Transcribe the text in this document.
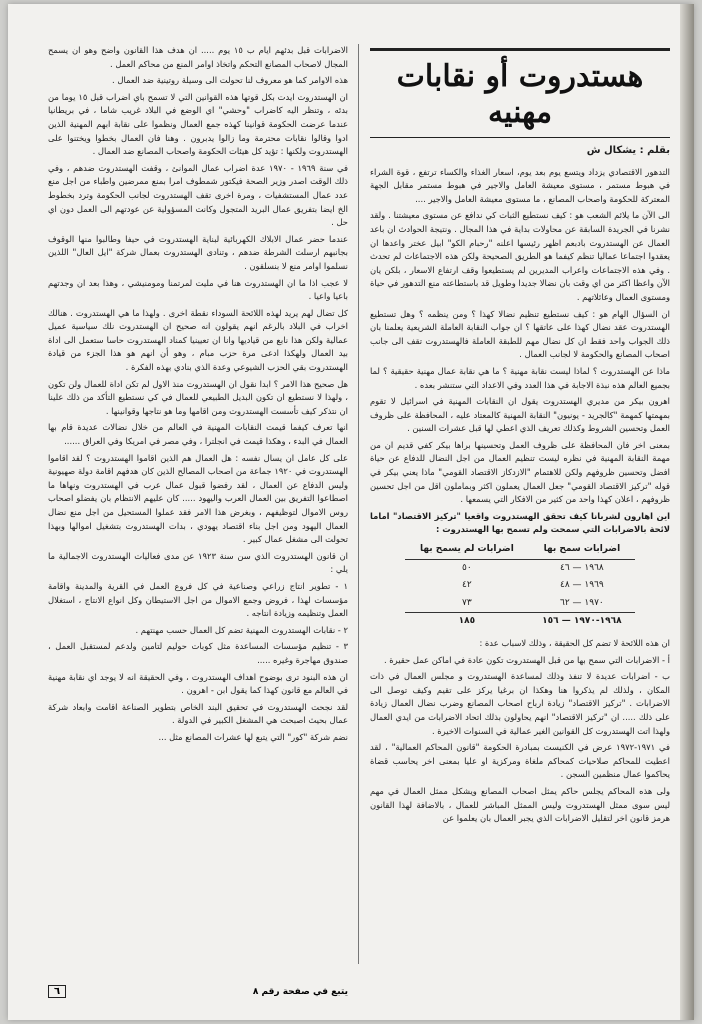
هستدروت أو نقابات مهنيه
بقلم : يشكال ش

التدهور الاقتصادي يزداد ويتسع يوم بعد يوم، اسعار الغذاء والكساء ترتفع ، قوة الشراء في هبوط مستمر ، مستوى معيشة العامل والاجير في هبوط مستمر مقابل الجهة المعتركة للحكومة واصحاب المصانع ، ما مستوى معيشة العامل والاجير ....

الى الآن ما يلائم الشعب هو : كيف نستطيع الثبات كي ندافع عن مستوى معيشتنا . ولقد نشرنا في الجريدة السابقة عن محاولات بداية في هذا المجال . ونتيجة الحوادث ان باعد العمال عن الهستدروت بادبعم اظهر رئيسها اعلنه "رحبام الكو" ابيل عختر واعدها ان يعقدوا اجتماعا عماليا تنظم كيفما هو الطريق الصحيحة ولكن هذه الاجتماعات لم تحدث . وفي هذه الاجتماعات واعراب المديرين لم يستطيعوا وقف ارتفاع الاسعار ، بلكن يان الآن واعظا اكثر من اي وقت بان نضالا جديدا وطويل قد باستطاعته منع التدهور في حياة ومستوى العمال وعائلاتهم .

ان السؤال الهام هو : كيف نستطيع تنظيم نضالا كهذا ؟ ومن ينظمه ؟ وهل تستطيع الهستدروت عقد نضال كهذا على عاتقها ؟ ان جواب النقابة العاملة الشريعية يعلمنا بان ذلك الجواب واحد فقط ان كل نضال مهم للطبقة العاملة فالهستدروت تقف الى جانب اصحاب المصانع والحكومة لا لجانب العمال .

ماذا عن الهستدروت ؟ لماذا ليست نقابة مهنية ؟ ما هي نقابة عمال مهنية حقيقية ؟ لما بجميع العالم هذه نبذة الاجابة في هذا العدد وفي الاعداد التي ستنشر بعده .

اهرون بيكر من مديري الهستدروت يقول ان النقابات المهنية في اسرائيل لا تقوم بمهمتها كمهمة "كالجريد - يونيون" النقابة المهنية كالمعتاد عليه ، المحافظة على ظروف العمل وتحسين الشروط وكذلك تعريف الذي اعطي لها قبل عشرات السنين .

بمعنى اخر فان المحافظة على ظروف العمل وتحسينها براها بيكر كفي قديم ان من مهمة النقابة المهنية في نظره ليست تنظيم العمال من اجل النضال للدفاع عن حياة افضل وتحسين ظروفهم ولكن للاهتمام "الازدكاز الاقتصاد القومي" ماذا يعني بيكر في قوله "تركيز الاقتصاد القومي" جعل العمال يعملون اكثر وبماملون اقل من اجل تحسين ظروفهم ، اعلان كهذا واحد من كثير من الافكار التي يسمعها .

اين اهارون لشرىانا كيف تحقق الهستدروت واقعيا "تركيز الاقتصاد" اماما لائحة بالاضرابات التي سمحت ولم تسمح بها الهستدروت :

اضرابات سمح بها	اضرابات لم يسمح بها
١٩٦٨ — ٤٦	٥٠
١٩٦٩ — ٤٨	٤٢
١٩٧٠ — ٦٢	٧٣
١٩٦٨-١٩٧٠ — ١٥٦	١٨٥

ان هذه اللائحة لا تضم كل الحقيقة ، وذلك لاسباب عدة :

أ - الاضرابات التي سمح بها من قبل الهستدروت تكون عادة في اماكن عمل حقيرة .

ب - اضرابات عديدة لا تنفذ وذلك لمساعدة الهستدروت و مجلس العمال في ذات المكان ، ولذلك لم يذكروا هنا وهكذا ان برغيا يركز على تقيم وكيف توصل الى الاضرابات . "تركيز الاقتصاد" زيادة ارباح اصحاب المصانع وضرب نضال العمال زيادة على ذلك ..... ان "تركيز الاقتصاد" انهم يحاولون بذلك اتحاد الاضرابات من ايدي العمال ولهذا اتت الهستدروت كل القوانين الغير عمالية في السنوات الاخيرة .

في ١٩٧١-١٩٧٢ عرض في الكنيست بمبادرة الحكومة "قانون المحاكم العمالية" ، لقد اعطيت للمحاكم صلاحيات كمحاكم ملغاة ومركزية او عليا بمعنى اخر يحاسب قضاة يحاكموا عمال منظمين السجن .

ولى هذه المحاكم يجلس حاكم يمثل اصحاب المصانع ويشكل ممثل العمال في مهم ليس سوى ممثل الهستدروت وليس الممثل المباشر للعمال ، بالاضافة لهذا القانون هرمز قانون اخر لتقليل الاضرابات الذي يجبر العمال بان يعلموا عن

الاضرابات قبل بدئهم ايام ب ١٥ يوم ..... ان هدف هذا القانون واضح وهو ان يسمح المجال لاصحاب المصانع التحكم واتخاذ اوامر المنع من محاكم العمل .

هذه الاوامر كما هو معروف لنا تحولت الى وسيلة روتينية ضد العمال .

ان الهستدروت ايدت بكل قوتها هذه القوانين التي لا تسمح باي اضراب قبل ١٥ يوما من بدئه ، وتنظر اليه كاضراب "وحشي" اي الوضع في البلاد غريب شاما ، في بريطانيا عندما عرضت الحكومة قوانينا كهذه جمع العمال ونظموا على نقابة ابهم المهنية الذين ادوا وقالوا نقابات محترمة وما زالوا يدبرون . وهنا فان العمال بخطوا ويختنوا على الهستدروت ولكنها : تؤيد كل هيئات الحكومة واصحاب المصانع ضد العمال .

في سنة ١٩٦٩ - ١٩٧٠ عدة اضراب عمال الموانئ ، وقفت الهستدروت ضدهم ، وفي ذلك الوقت اصدر وزير الصحة فيكتور شمطوف امرا بمنع ممرضين واطباء من اجل منع عدد عمال المستشفيات ، ومرة اخرى تقف الهستدروت لجانب الحكومة وترد بخطوط الخ ايضا بتفريق عمال البريد المتجول وكانت المسؤولية عن عودتهم الى العمل دون اي حل .

عندما حضر عمال الابلاك الكهربائية لبناية الهستدروت في حيفا وطالبوا منها الوقوف بجانبهم ارسلت الشرطة ضدهم ، وتنادى الهستدروت بعمال شركة "ايل العال" اللذين نسلموا اوامر منع لا بنسلقون .

لا عجب اذا ما ان الهستدروت هنا في مليت لمرتمنا ومومنيشي ، وهذا بعد ان وجدتهم باعيا واعيا .

كل تضال لهم يريد لهذه اللائحة السوداء نقطة اخرى . ولهذا ما هي الهستدروت . هنالك اخراب في البلاد بالرغم انهم يقولون انه صحيح ان الهستدروت نلك سياسية عميل عمالية ولكن هذا نابع من قياديها وانا ان تعيينيا كمناد الهستدروت حاسا ستعمل الى اداة بيد العمال ولهكذا ادعى مرة حزب مبام ، وهو أن انهم هو هذا الجزء من قيادة الهستدروت بقي الحزب الشيوعي وعدة الذي بنادي بهذه الفكرة .

هل صحيح هذا الامر ؟ ابدا نقول ان الهستدروت منذ الاول لم تكن اداة للعمال ولن تكون ، ولهذا لا نستطيع ان تكون البديل الطبيعي للعمال في كي نستطيع التأكد من ذلك علينا ان نتذكر كيف تأسست الهستدروت ومن اقامها وما هو نتاجها وقوانينها .

انها تعرف كيفما قيمت النقابات المهنية في العالم من خلال نضالات عديدة قام بها العمال في البدء ، وهكذا قيمت في انجلترا ، وفي مصر في امريكا وفي العراق ......

على كل عامل ان يسال نفسه : هل العمال هم الذين اقاموا الهستدروت ؟ لقد اقاموا الهستدروت في ١٩٢٠ جماعة من اصحاب المصالح الذين كان هدفهم اقامة دولة صهيونية وليس الدفاع عن العمال ، لقد رفضوا قبول عمال عرب في الهستدروت ونهاها ما اصطاعوا التفريق بين العمال العرب واليهود ..... كان عليهم الانتظام بان يفضلو اصحاب روس الاموال لتوظيفهم ، وبغرض هذا الامر فقد عملوا المستحيل من اجل منع نضال العمال اليهود ومن اجل بناء اقتصاد يهودي ، بدات الهستدروت بتشغيل اموالها وبهذا تحولت الى مشغل عمال كبير .

ان قانون الهستدروت الذي سن سنة ١٩٢٣ عن مدى فعاليات الهستدروت الاجمالية ما يلي :

١ - تطوير انتاج زراعي وصناعية في كل فروع العمل في القرية والمدينة واقامة مؤسسات لهذا ، فروض وجمع الاموال من اجل الاستيطان وكل انواع الانتاج ، استغلال العمل وتنظيمه وزيادة انتاجه .

٢ - نقابات الهستدروت المهنية تضم كل العمال حسب مهنتهم .

٣ - تنظيم مؤسسات المساعدة مثل كوبات حوليم لتامين ولدعم لمستقبل العمل ، صندوق مهاجرة وغيره .....

ان هذه البنود ترى بوضوح اهداف الهستدروت ، وفي الحقيقة انه لا يوجد اي نقابة مهنية في العالم مع قانون كهذا كما يقول ابن - اهرون .

لقد نجحت الهستدروت في تحقيق البند الخاص بتطوير الصناعة اقامت وابعاد شركة عمال بحيث اصبحت هي المشغل الكبير في الدولة .

نضم شركة "كور" التي يتبع لها عشرات المصانع مثل ...

يتبع في صفحة رقم ٨
٦
